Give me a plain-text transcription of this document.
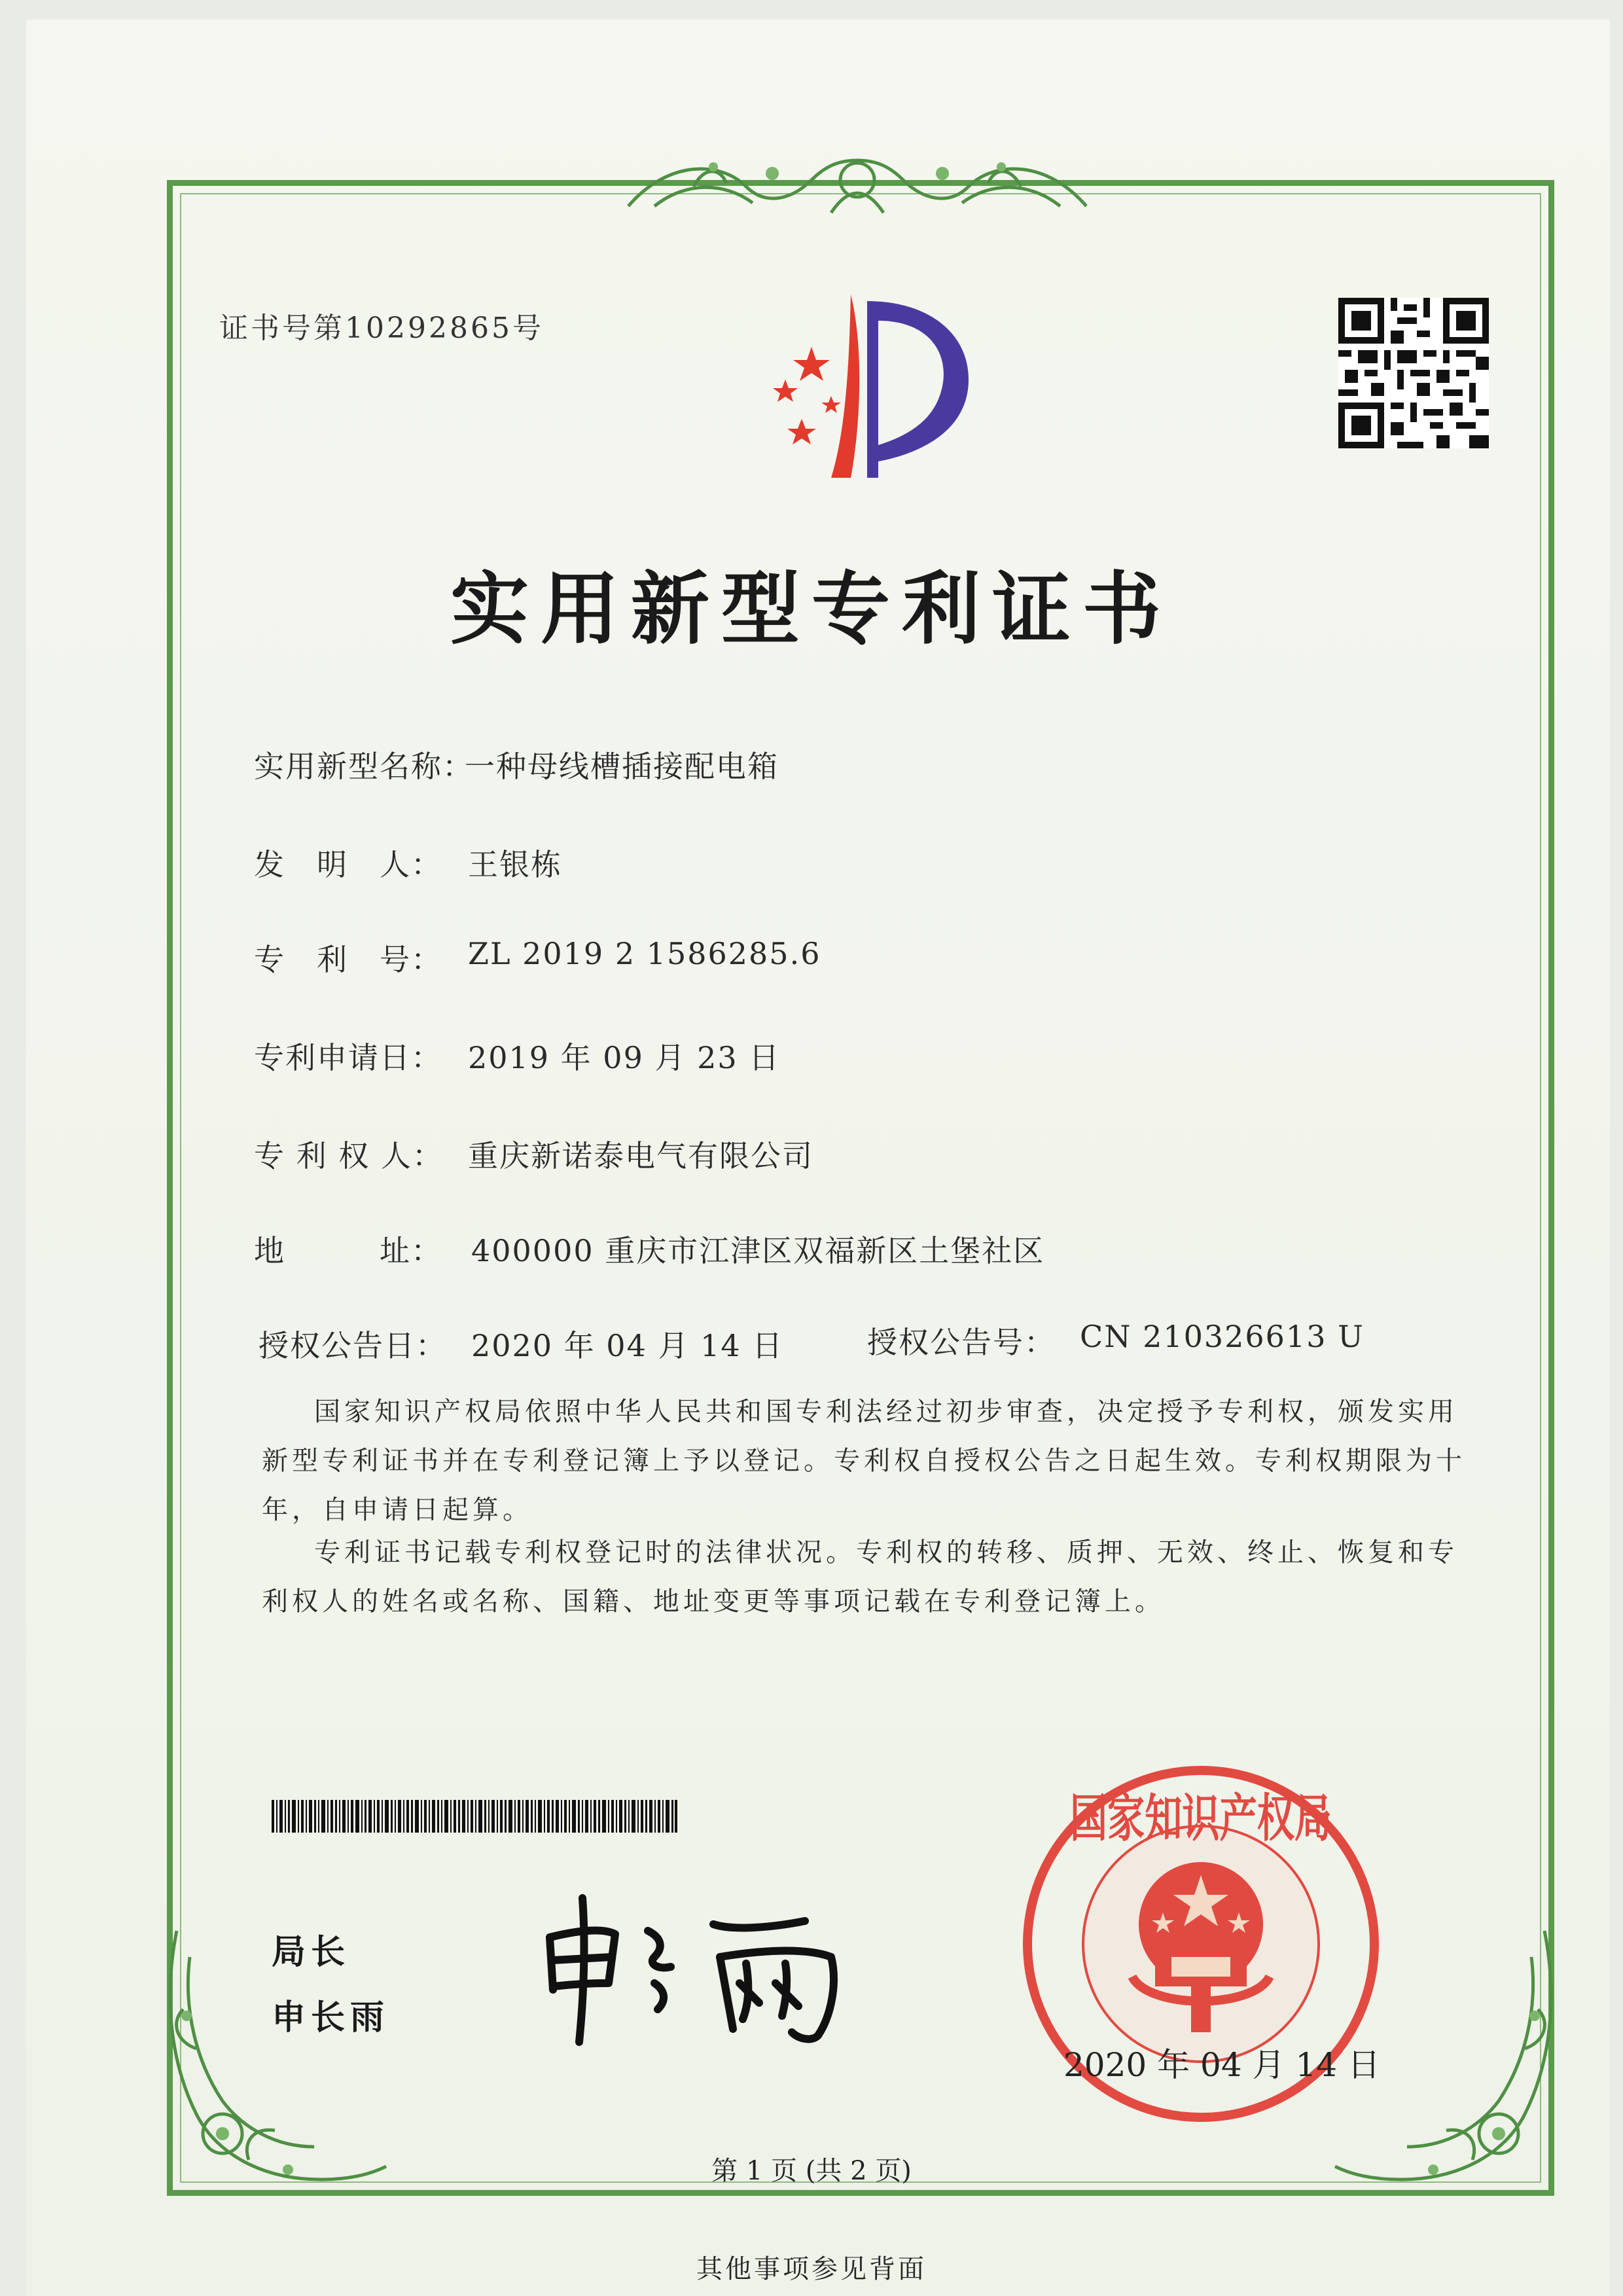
证书号第10292865号
实用新型专利证书
实用新型名称：
一种母线槽插接配电箱
发　明　人： 王银栋
专　利　号： ZL 2019 2 1586285.6
专利申请日： 2019 年 09 月 23 日
专 利 权 人： 重庆新诺泰电气有限公司
地　　　址： 400000 重庆市江津区双福新区土堡社区
授权公告日： 2020 年 04 月 14 日	授权公告号： CN 210326613 U
国家知识产权局依照中华人民共和国专利法经过初步审查，决定授予专利权，颁发实用新型专利证书并在专利登记簿上予以登记。专利权自授权公告之日起生效。专利权期限为十年，自申请日起算。
专利证书记载专利权登记时的法律状况。专利权的转移、质押、无效、终止、恢复和专利权人的姓名或名称、国籍、地址变更等事项记载在专利登记簿上。
局长
申长雨
国家知识产权局
2020 年 04 月 14 日
第 1 页 (共 2 页)
其他事项参见背面
